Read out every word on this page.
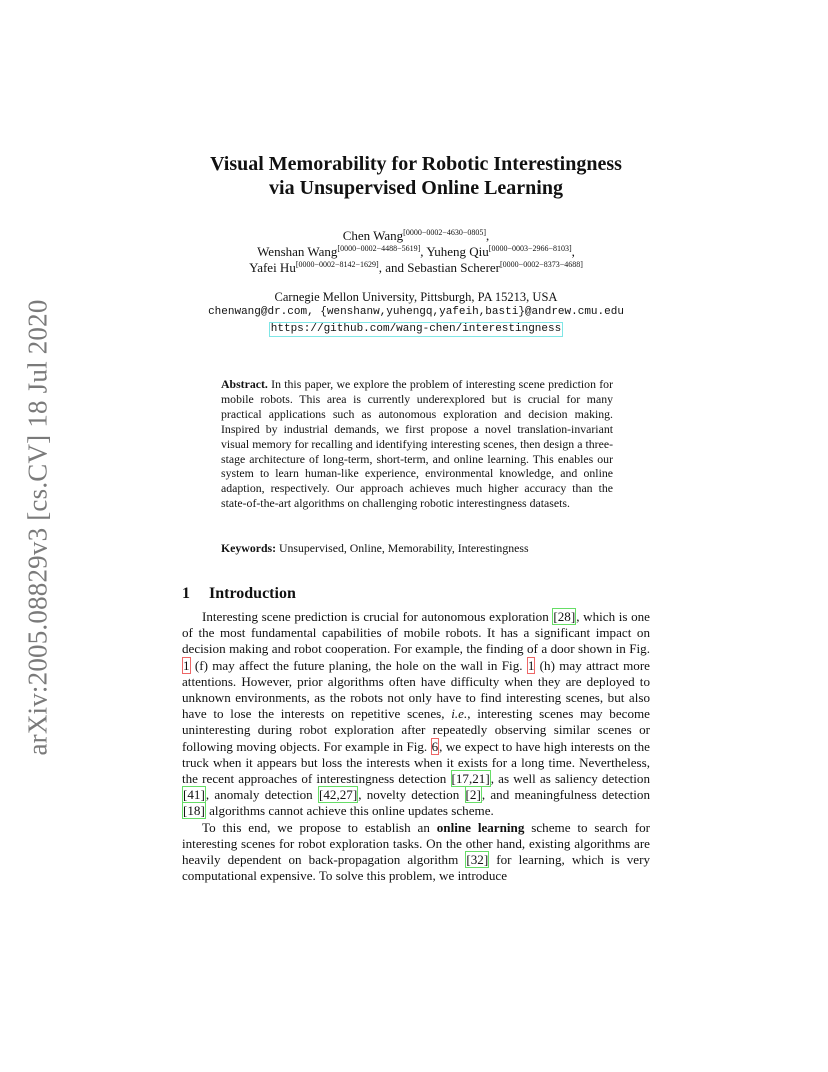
arXiv:2005.08829v3 [cs.CV] 18 Jul 2020
Visual Memorability for Robotic Interestingness
via Unsupervised Online Learning
Chen Wang[0000−0002−4630−0805],
Wenshan Wang[0000−0002−4488−5619], Yuheng Qiu[0000−0003−2966−8103],
Yafei Hu[0000−0002−8142−1629], and Sebastian Scherer[0000−0002−8373−4688]
Carnegie Mellon University, Pittsburgh, PA 15213, USA
chenwang@dr.com, {wenshanw,yuhengq,yafeih,basti}@andrew.cmu.edu
https://github.com/wang-chen/interestingness

Abstract. In this paper, we explore the problem of interesting scene prediction for mobile robots. This area is currently underexplored but is crucial for many practical applications such as autonomous exploration and decision making. Inspired by industrial demands, we first propose a novel translation-invariant visual memory for recalling and identifying interesting scenes, then design a three-stage architecture of long-term, short-term, and online learning. This enables our system to learn human-like experience, environmental knowledge, and online adaption, respectively. Our approach achieves much higher accuracy than the state-of-the-art algorithms on challenging robotic interestingness datasets.

Keywords: Unsupervised, Online, Memorability, Interestingness

1 Introduction

Interesting scene prediction is crucial for autonomous exploration [28], which is one of the most fundamental capabilities of mobile robots. It has a significant impact on decision making and robot cooperation. For example, the finding of a door shown in Fig. 1 (f) may affect the future planing, the hole on the wall in Fig. 1 (h) may attract more attentions. However, prior algorithms often have difficulty when they are deployed to unknown environments, as the robots not only have to find interesting scenes, but also have to lose the interests on repetitive scenes, i.e., interesting scenes may become uninteresting during robot exploration after repeatedly observing similar scenes or following moving objects. For example in Fig. 6, we expect to have high interests on the truck when it appears but loss the interests when it exists for a long time. Nevertheless, the recent approaches of interestingness detection [17,21], as well as saliency detection [41], anomaly detection [42,27], novelty detection [2], and meaningfulness detection [18] algorithms cannot achieve this online updates scheme.

To this end, we propose to establish an online learning scheme to search for interesting scenes for robot exploration tasks. On the other hand, existing algorithms are heavily dependent on back-propagation algorithm [32] for learning, which is very computational expensive. To solve this problem, we introduce
